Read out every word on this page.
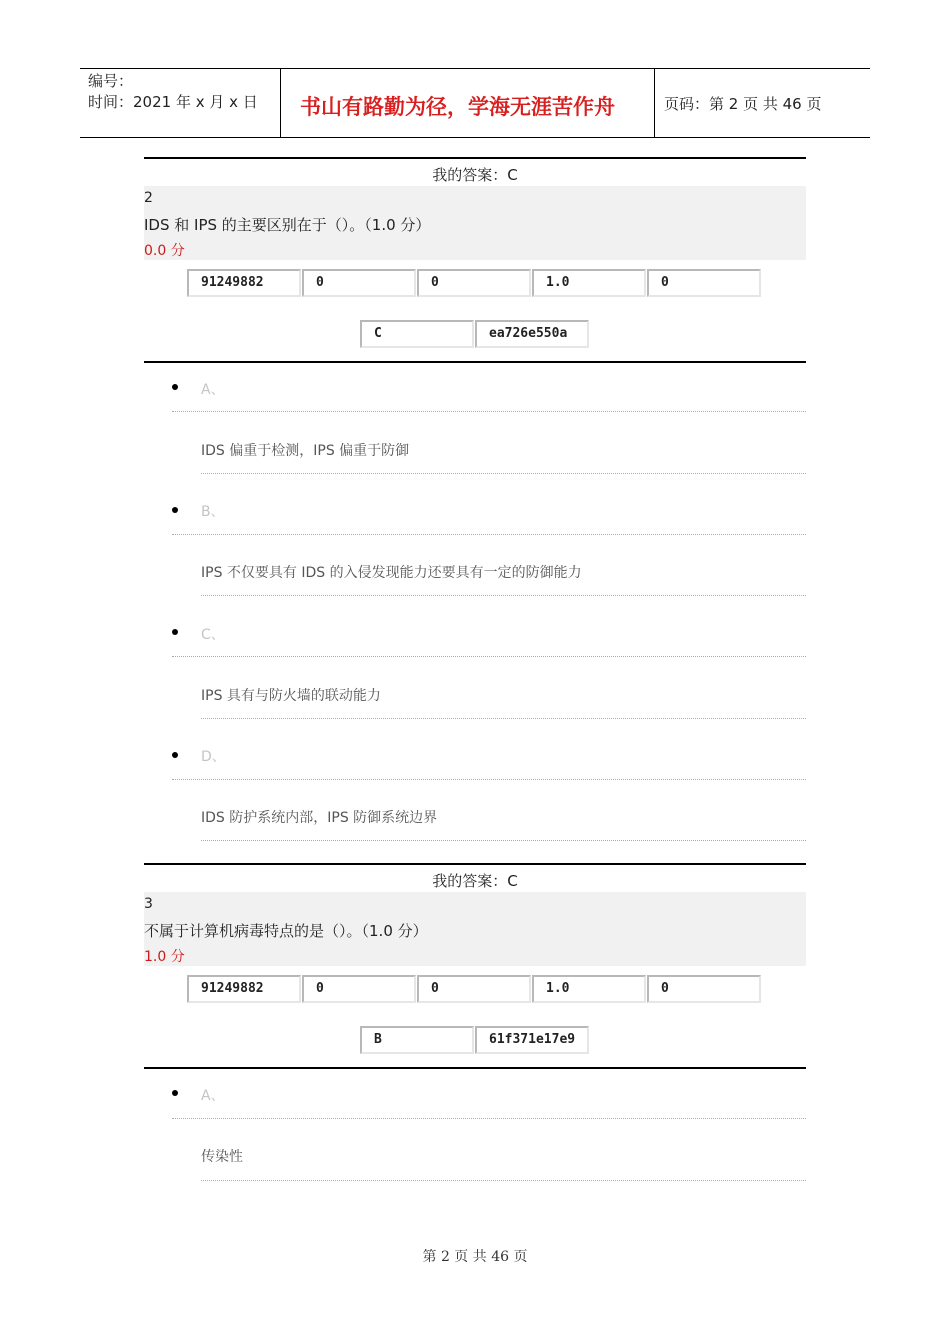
编号：
时间：2021 年 x 月 x 日 书山有路勤为径，学海无涯苦作舟	页码：第 2 页 共 46 页
我的答案：C
2
IDS 和 IPS 的主要区别在于（）。（1.0 分）
0.0 分
91249882	0	0	1.0	0
C	ea726e550a
A、
IDS 偏重于检测，IPS 偏重于防御
B、
IPS 不仅要具有 IDS 的入侵发现能力还要具有一定的防御能力
C、
IPS 具有与防火墙的联动能力
D、
IDS 防护系统内部，IPS 防御系统边界
我的答案：C
3
不属于计算机病毒特点的是（）。（1.0 分）
1.0 分
91249882	0	0	1.0	0
B	61f371e17e9
A、
传染性
第 2 页 共 46 页
